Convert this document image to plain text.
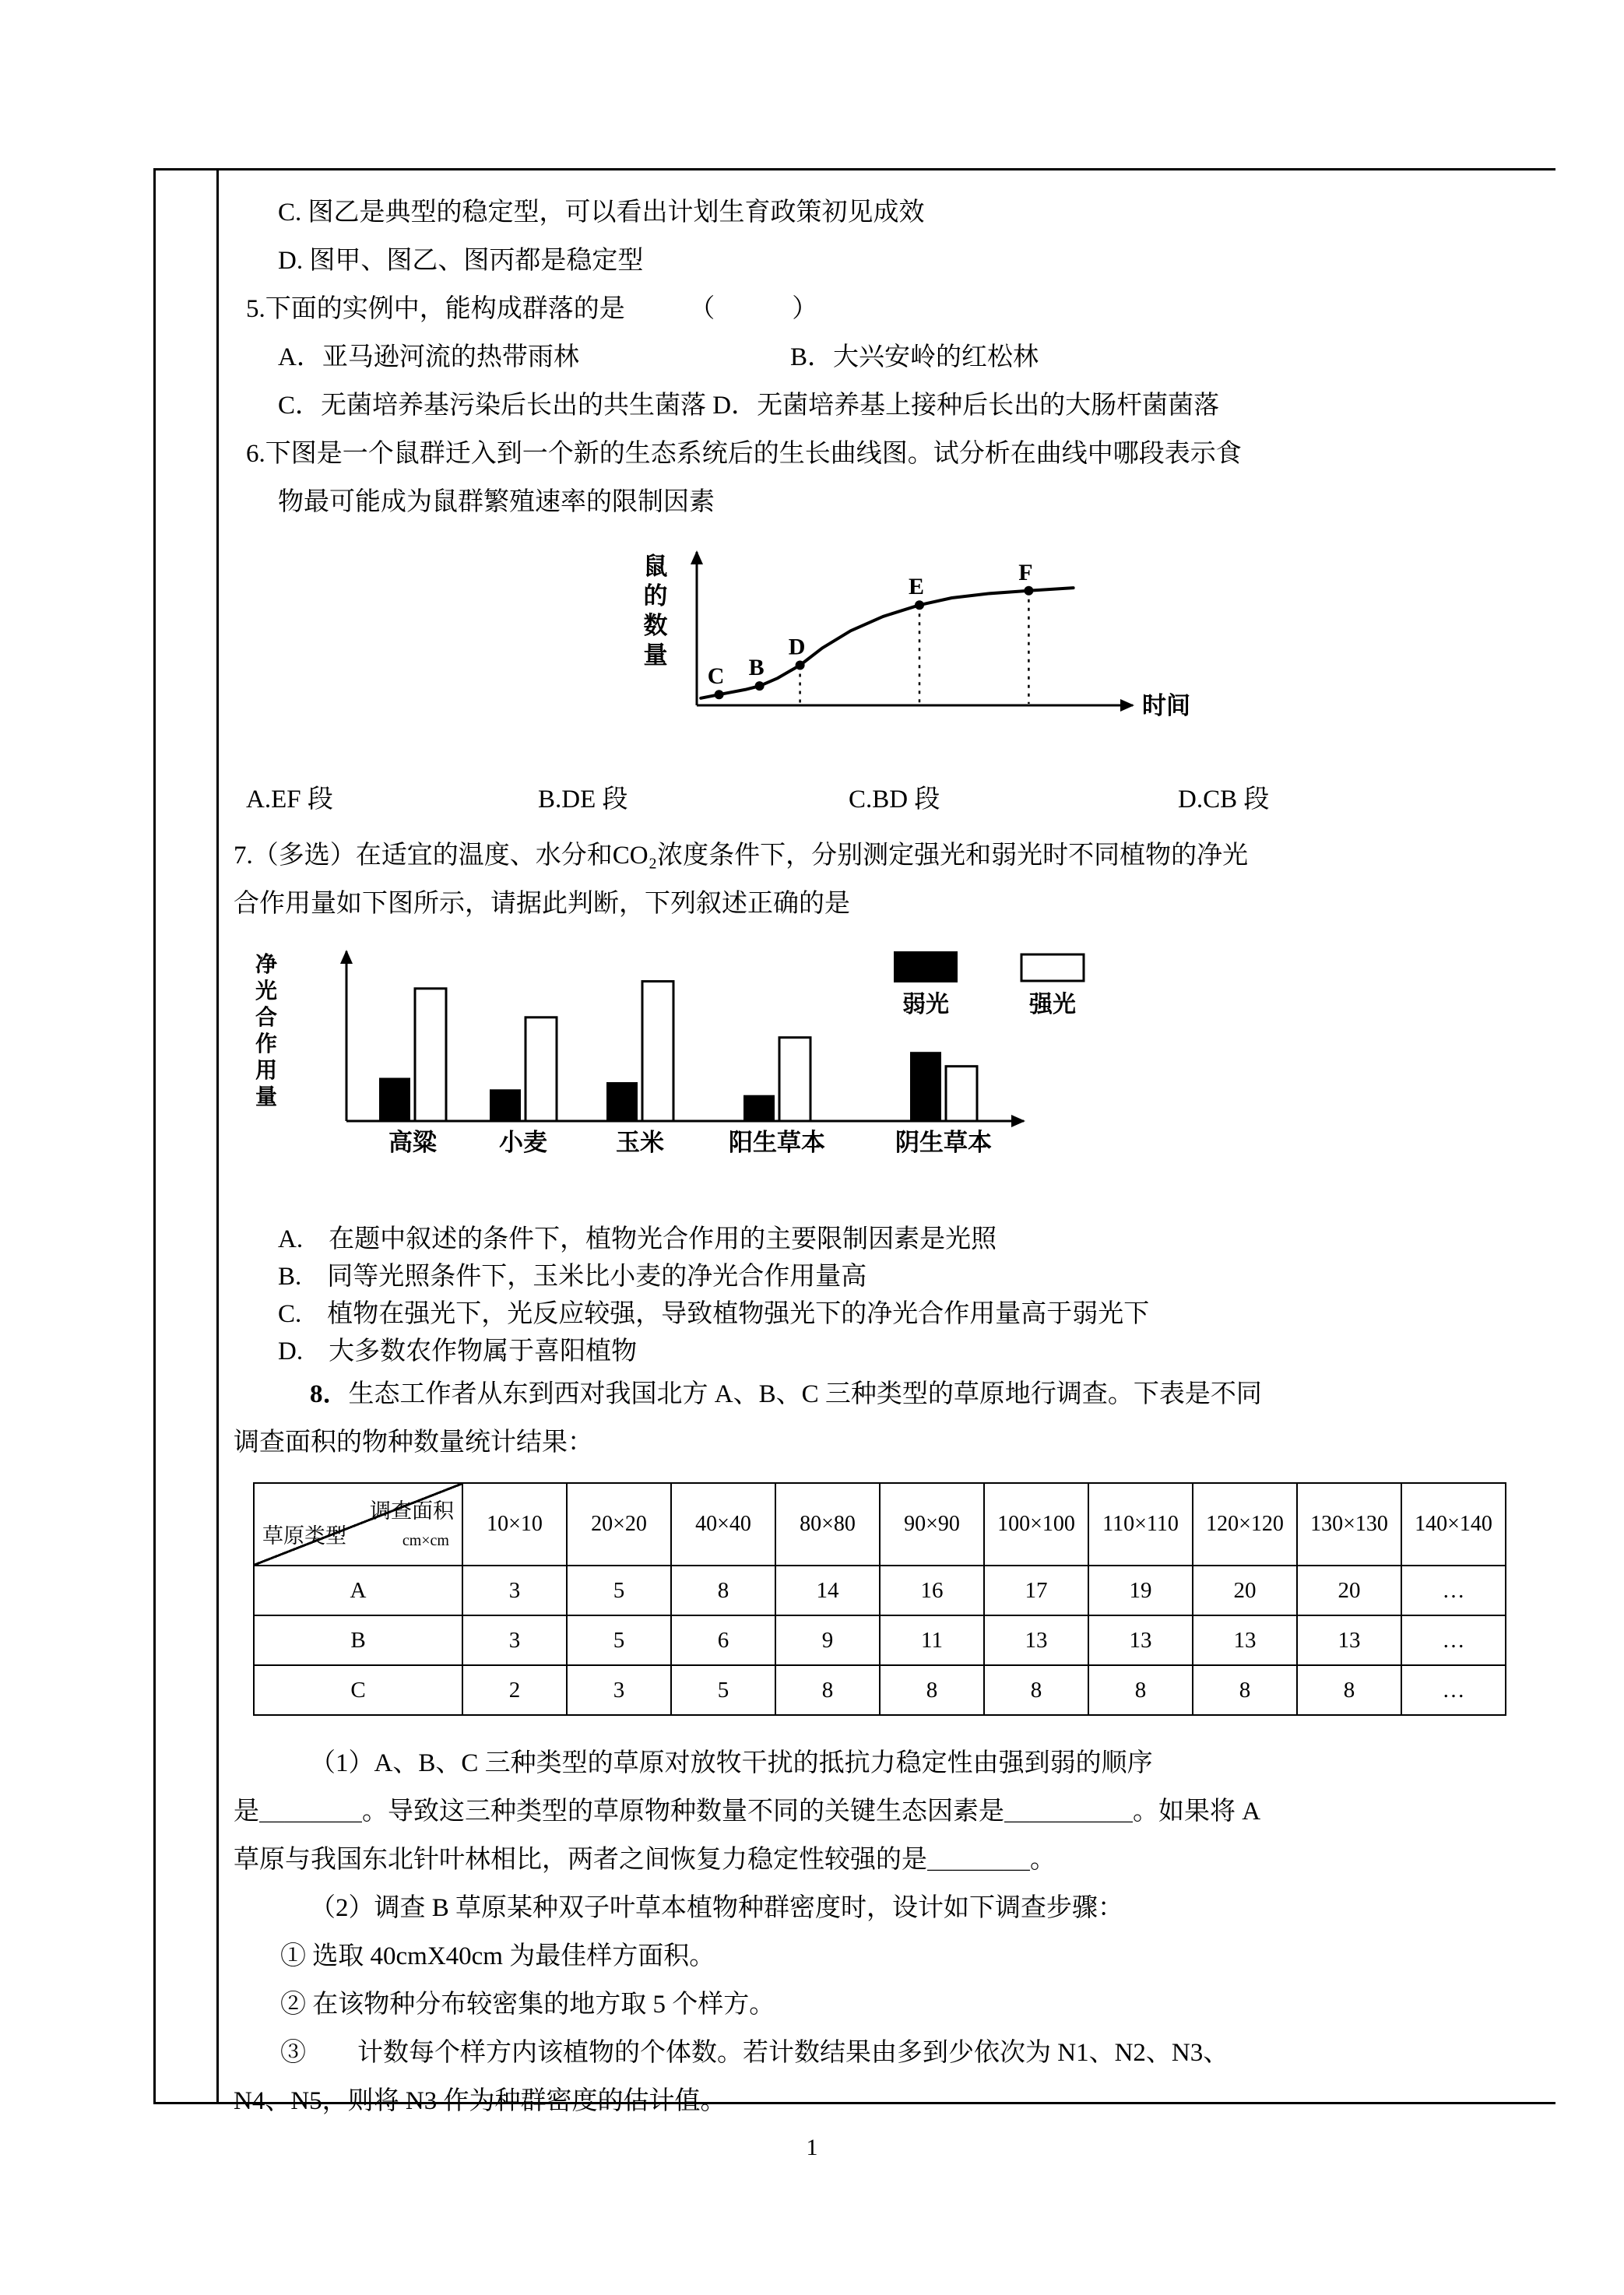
C. 图乙是典型的稳定型，可以看出计划生育政策初见成效

D. 图甲、图乙、图丙都是稳定型

5.下面的实例中，能构成群落的是　　　（　　　）

A．亚马逊河流的热带雨林	B．大兴安岭的红松林

C．无菌培养基污染后长出的共生菌落 D．无菌培养基上接种后长出的大肠杆菌菌落

6.下图是一个鼠群迁入到一个新的生态系统后的生长曲线图。试分析在曲线中哪段表示食

物最可能成为鼠群繁殖速率的限制因素

C B
D
E
F
鼠
的
数
量
时间
A.EF 段	B.DE 段	C.BD 段	D.CB 段

7.（多选）在适宜的温度、水分和CO₂浓度条件下，分别测定强光和弱光时不同植物的净光

合作用量如下图所示，请据此判断，下列叙述正确的是

高粱	小麦	玉米	阳生草本	阴生草本
净
光
合
作
用
量
弱光	强光

A.　在题中叙述的条件下，植物光合作用的主要限制因素是光照

B.　同等光照条件下，玉米比小麦的净光合作用量高

C.　植物在强光下，光反应较强，导致植物强光下的净光合作用量高于弱光下

D.　大多数农作物属于喜阳植物

8．生态工作者从东到西对我国北方 A、B、C 三种类型的草原地行调查。下表是不同

调查面积的物种数量统计结果：

调查面积
cm×cm
草原类型	10×10	20×20	40×40	80×80	90×90	100×100	110×110	120×120	130×130	140×140
A	3	5	8	14	16	17	19	20	20	…
B	3	5	6	9	11	13	13	13	13	…
C	2	3	5	8	8	8	8	8	8	…

（1）A、B、C 三种类型的草原对放牧干扰的抵抗力稳定性由强到弱的顺序

是＿＿＿＿。导致这三种类型的草原物种数量不同的关键生态因素是＿＿＿＿＿。如果将 A

草原与我国东北针叶林相比，两者之间恢复力稳定性较强的是＿＿＿＿。

（2）调查 B 草原某种双子叶草本植物种群密度时，设计如下调查步骤：

① 选取 40cmX40cm 为最佳样方面积。

② 在该物种分布较密集的地方取 5 个样方。

③　　计数每个样方内该植物的个体数。若计数结果由多到少依次为 N1、N2、N3、

N4、N5，则将 N3 作为种群密度的估计值。

1
